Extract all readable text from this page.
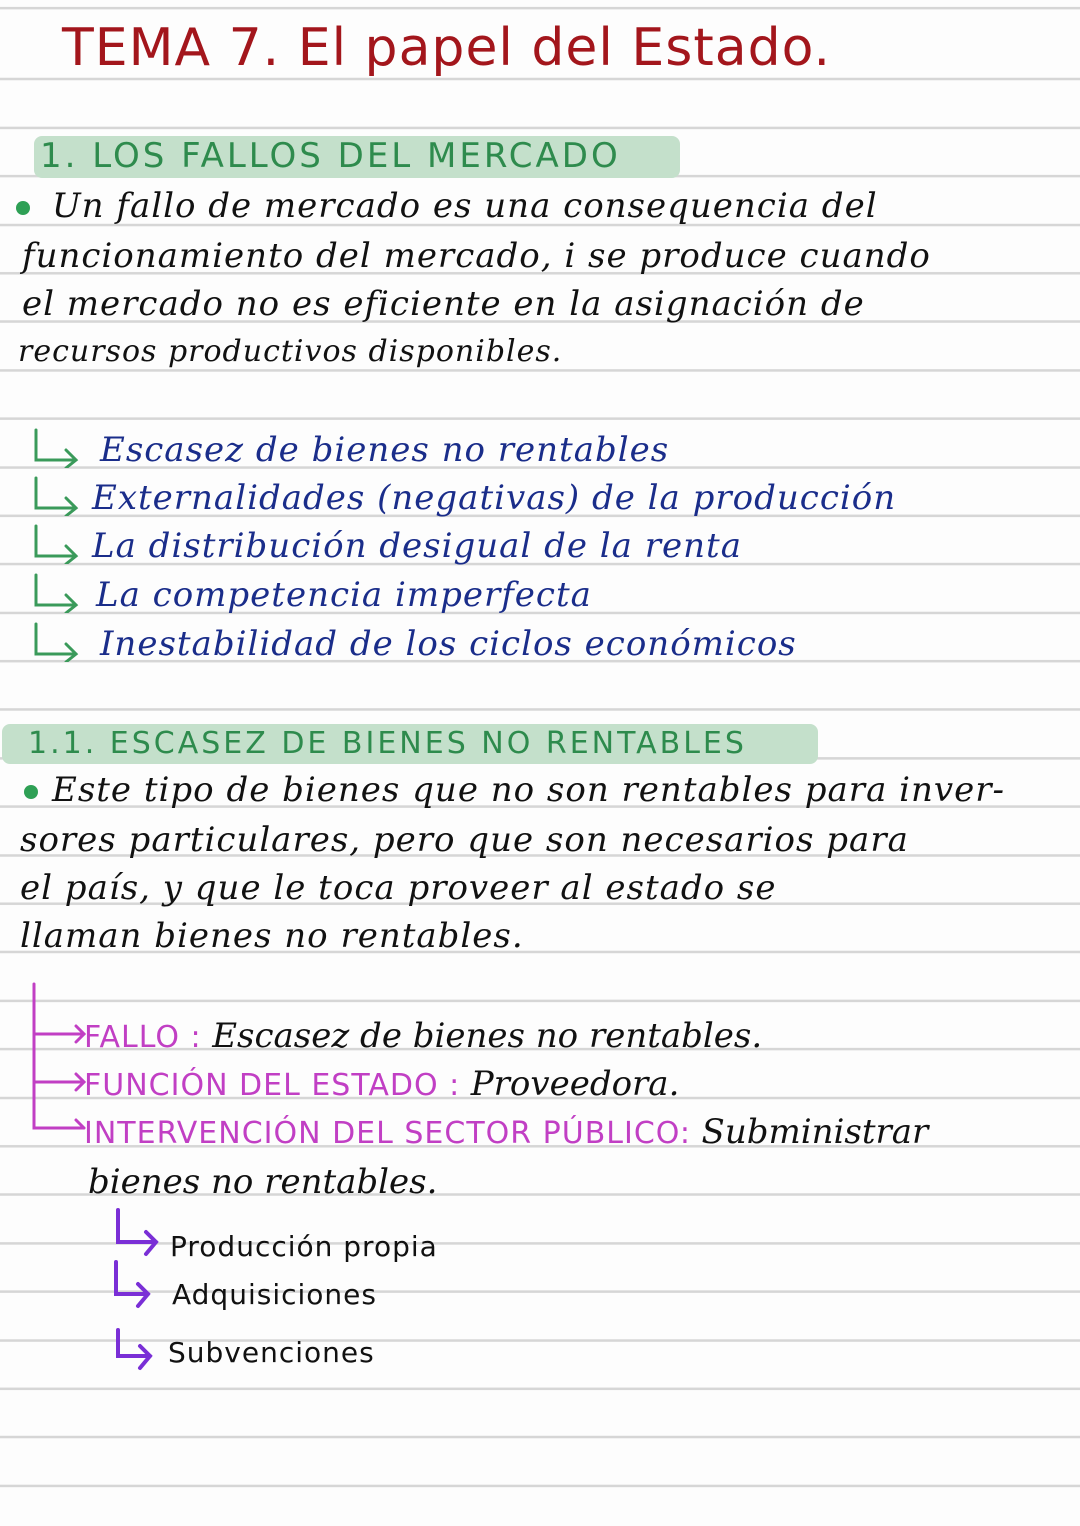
TEMA 7. El papel del Estado.
1. LOS FALLOS DEL MERCADO
Un fallo de mercado es una consequencia del
funcionamiento del mercado, i se produce cuando
el mercado no es eficiente en la asignación de
recursos productivos disponibles.
Escasez de bienes no rentables
Externalidades (negativas) de la producción
La distribución desigual de la renta
La competencia imperfecta
Inestabilidad de los ciclos económicos
1.1. ESCASEZ DE BIENES NO RENTABLES
Este tipo de bienes que no son rentables para inver-
sores particulares, pero que son necesarios para
el país, y que le toca proveer al estado se
llaman bienes no rentables.
FALLO : Escasez de bienes no rentables.
FUNCIÓN DEL ESTADO : Proveedora.
INTERVENCIÓN DEL SECTOR PÚBLICO: Subministrar
bienes no rentables.
Producción propia
Adquisiciones
Subvenciones
